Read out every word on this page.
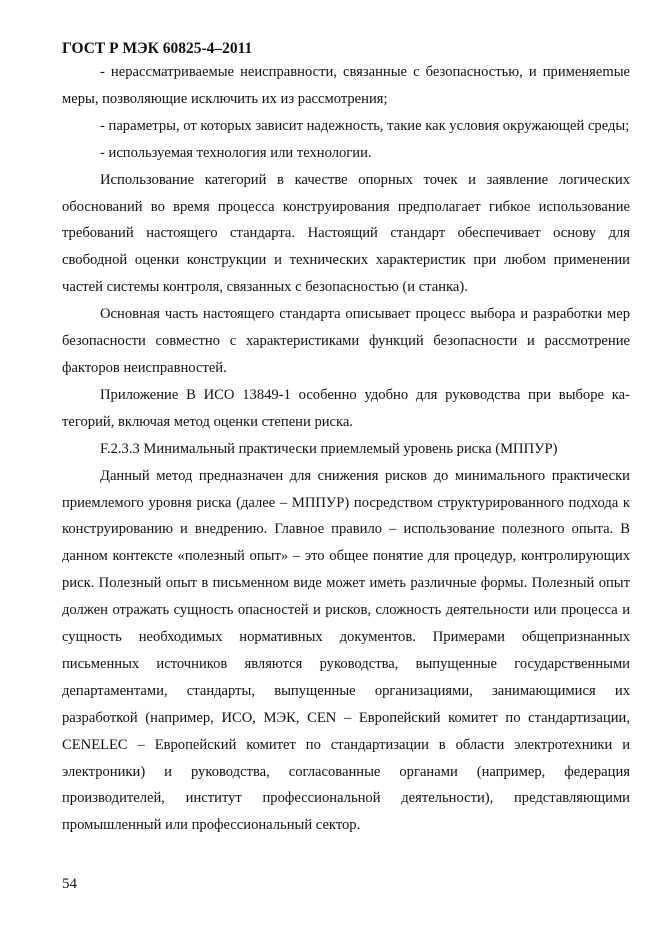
ГОСТ Р МЭК 60825-4–2011

- нерассматриваемые неисправности, связанные с безопасностью, и применяеmые меры, позволяющие исключить их из рассмотрения;

- параметры, от которых зависит надежность, такие как условия окружающей среды;

- используемая технология или технологии.

Использование категорий в качестве опорных точек и заявление логических обоснований во время процесса конструирования предполагает гибкое использование требований настоящего стандарта. Настоящий стандарт обеспечивает основу для свободной оценки конструкции и технических характеристик при любом применении частей системы контроля, связанных с безопасностью (и станка).

Основная часть настоящего стандарта описывает процесс выбора и разработки мер безопасности совместно с характеристиками функций безопасности и рассмотрение факторов неисправностей.

Приложение В ИСО 13849-1 особенно удобно для руководства при выборе категорий, включая метод оценки степени риска.

F.2.3.3 Минимальный практически приемлемый уровень риска (МППУР)

Данный метод предназначен для снижения рисков до минимального практически приемлемого уровня риска (далее – МППУР) посредством структурированного подхода к конструированию и внедрению. Главное правило – использование полезного опыта. В данном контексте «полезный опыт» – это общее понятие для процедур, контролирующих риск. Полезный опыт в письменном виде может иметь различные формы. Полезный опыт должен отражать сущность опасностей и рисков, сложность деятельности или процесса и сущность необходимых нормативных документов. Примерами общепризнанных письменных источников являются руководства, выпущенные государственными департаментами, стандарты, выпущенные организациями, занимающимися их разработкой (например, ИСО, МЭК, CEN – Европейский комитет по стандартизации, CENELEC – Европейский комитет по стандартизации в области электротехники и электроники) и руководства, согласованные органами (например, федерация производителей, институт профессиональной деятельности), представляющими промышленный или профессиональный сектор.

54
